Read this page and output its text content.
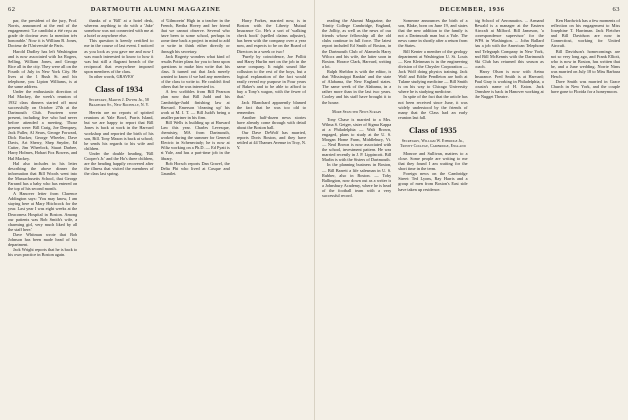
62	DARTMOUTH ALUMNI MAGAZINE

par, the president of the jury, Prof. Norris, announced at the end of the engagement: 'Le candidat a été reçu au grade de docteur avec la mention très honorable.' Now it is William B. Jones, Docteur de l'Université de Paris.

Harold Dudley has left Washington and is now associated with Ira Rogers, Selling, William Jones, and George Rice all in the city. They were all on the Fourth of July in New York City. He lives at the 1 Bush St. and his telephone, you Lipton Williams, is at the same address.

Under the enthusiastic direction of Hal Mackey, the week's reunion of 1932 class dinners started off most successfully on October 27th at the Dartmouth Club. Fourteen were present, including five who had never before attended a meeting. Those present were: Bill Craig, Joe Dempsey, Jack Fuller, Al Sears, George Forward, Dick Rucker, George Wheeler, Dave Davis, Art Sherry, Shep Snyder, Ed Cutter, Jim Wheelock, Stuart Darbee, Harry Holmes, Hobart Fox Bowers, and Hal Mackey.

Hal also includes in his letter describing the above dinner the information that Bill Woods went into the Massachusetts School, that George Farrand has a baby who has entered on the top of his second month.

A Hanover letter from Clarence Addington says: 'You may know, I am staying here at Mary Hitchcock for the year. Last year I was eight weeks at the Deaconess Hospital in Boston. Among our patients was Bob Smith's wife, a charming girl, very much liked by all the staff here.'

Dave Whitman wrote that Bob Johnson has been made head of his department.

Jack Wright reports that he is back to his own practice in Boston again.

thanks of a 'Bill' at a hotel desk, whereas anything to do with a 'Jake' somehow was not connected with me at a hotel or anywhere else.

This question is keenly certified to me in the course of last event. I noticed as you look as you gave me and now I was much interested to know to how it was but still a flagrant breach of the reciprocal that everywhere imposed upon members of the class.

In other words, GRAVES'

Class of 1934
Secretary, Martin J. Dwyer Jr., 58 Bradford St., New Rochelle, N. Y.

Herein are no reports of spirited reunions at Yale Bowl, Parris Island, but we are happy to report that Bill Jones is back at work in the Harvard workshop and reported the birth of his son, Bill. Tony Mason is back at school; he sends his regards to his wife and children.

Under the double heading, 'Bill Cooper's Jr.' and the Ho's three children, are the heading happily recovered after the illness that visited the members of the class last spring.

of 'Gilmorein' High in a teacher in the French, Bertha Hovey and her friend that we cannot observe. Several who have been to some school, perhaps in some time back a project in mind to add or write in think either directly or through his secretary.

Jack Rogerty wonders what kind of results Potter plans for you to hear upon questions to make him write that his class. It turned out that Jack merely wanted to know if we had any members of the class to write to. He couldn't find others that he was interested in.

A few scribbles from Bill Pearson plan now that Bill Judd and his Cambridge-Judd finishing law at Harvard. Emerson 'cleaning up' his work at M. I. T. — Bill Judd's being a smaller partner in his firm.

Bill Wells is building up at Harvard Law this year. Charles Levesque, chemistry, MA from Dartmouth, worked during the summer for General Electric in Schenectady; he is now at Wiltz working on a Ph.D. — Ed Pyatt is at Yale, and has a part-time job in the library.

Bob Horsch reports Dan Gravel, the Delta Phi who lived at Casque and Gauntlet.

Harry Forkes, married now, is in Boston with the Liberty Mutual Insurance Co. He's a sort of 'walking check book' (spelled claims adjuster), has been with the company over a year now, and expects to be on the Board of Directors in a week or two!

'Purely by coincidence, Joe Pollitt and Harry Hurlin met on the job in the same company. It might sound like collusion to the rest of the boys, but a logical explanation of the fact would easily reveal my purpose in Four years of Baker's and to be able to afford to buy a Tony's wagon, with the fewer of that.'

Jack Blanchard apparently blamed the fact that he was too old to remember.

Another half-dozen news stories have already come through with detail about the Boston ball.

Our Dave DeWolf has married, reports Doris Boston, and they have settled at 44 Thames Avenue in Troy, N. Y.

DECEMBER, 1936	63

reading the Alumni Magazine, the Trinity College Cambridge, England, the Jollity, as well as the news of our friends whose fellowship all the old clubs continue in full force. The latest report included Ed Smith of Boston, in the Dartmouth Club of Alameda Harry Wilcox and his wife, the latter soon in Boston. Horace Clark, Harvard, writing a lot.

Ralph Sheldon is with the editor, is that 'Mississippi Rankin' and the state of Alabama, the New England states. The same week of the Alabama, in a rather more than in the last two years. Cooley and his staff have brought it to the house.

More Selected News Scraps

Tony Chase is married to a Mrs. Wilma S. Geiger, sister of Sigma Kappa at a Philadelphia — Walt Brown, engaged, plans to study at the U. S. Morgan Home Farm, Middlebury, Vt. — Neal Brown is now associated with the school, investment pattern. He was married recently in J. P. Lippincott. Bill Marlin is with the Sisters of Dartmouth.

In the planning business in Boston, — Bill Barrett a life salesman in U. S. Rubber, also in Boston. — Toby Ballington, now down out as a writer is a Johnsbury Academy, where he is head of the football team with a very successful record.

Someone announces the birth of a son, Blake, born on June 19, and states that the new addition to the family is not a Dartmouth man but a Yale. The news came in shortly after a return from the States.

Bill Kenter a member of the geology department at Washington U. St. Louis — Ken Kleinman is in the engineering division of the Chrysler Corporation — Jack Wolf doing physics training. Jack Wolf and Eddie Pendleton are both at Tulane studying medicine — Bill Smith is on his way to Chicago University where he is studying medicine.

In spite of the fact that the article has not been received since June, it was widely understood by the friends of many that the Class had an early reunion last fall.

Class of 1935
Secretary, William W. Ethridge Jr., Trinity College, Cambridge, England

Monroe and Sullivan, matters to a close. Some people are writing to me that they found I am waiting for the short time in the term.

Foreign news on the Cambridge Street: Ted Lyons, Ray Harris and a group of men from Boston's East side have taken up residence.

big School of Aeronautics. ... Armand Bewald is a manager at the Eastern Aircraft at Milford. Bill Jameson, 'a correspondence supervisor' for the WPA in Washington. ... John Ballard has a job with the American Telephone and Telegraph Company in New York, and Bill McKennis with the Dartmouth Ski Club has returned this season as coach.

Harry Olson is now with Aetna Insurance. Fred Smith is at Harvard; Paul Gray is working in Philadelphia, a cousin's name of H. Eaton. Jack Ormsbee is back in Hanover working at the Nugget Theatre.

Ken Hardwick has a few moments of reflection on his engagement to Miss Josephine T. Harriman. Jack Fletcher and Bill Davidson are now in Connecticut, working for United Aircraft.

Bill Davidson's homecomings are not so very long ago, and Frank Elliott, who is now in Boston, has written that he, and a June wedding. Norrie Nims was married on July 18 to Miss Barbara Hesch.

Dave Smith was married in Grace Church in New York, and the couple have gone to Florida for a honeymoon.
